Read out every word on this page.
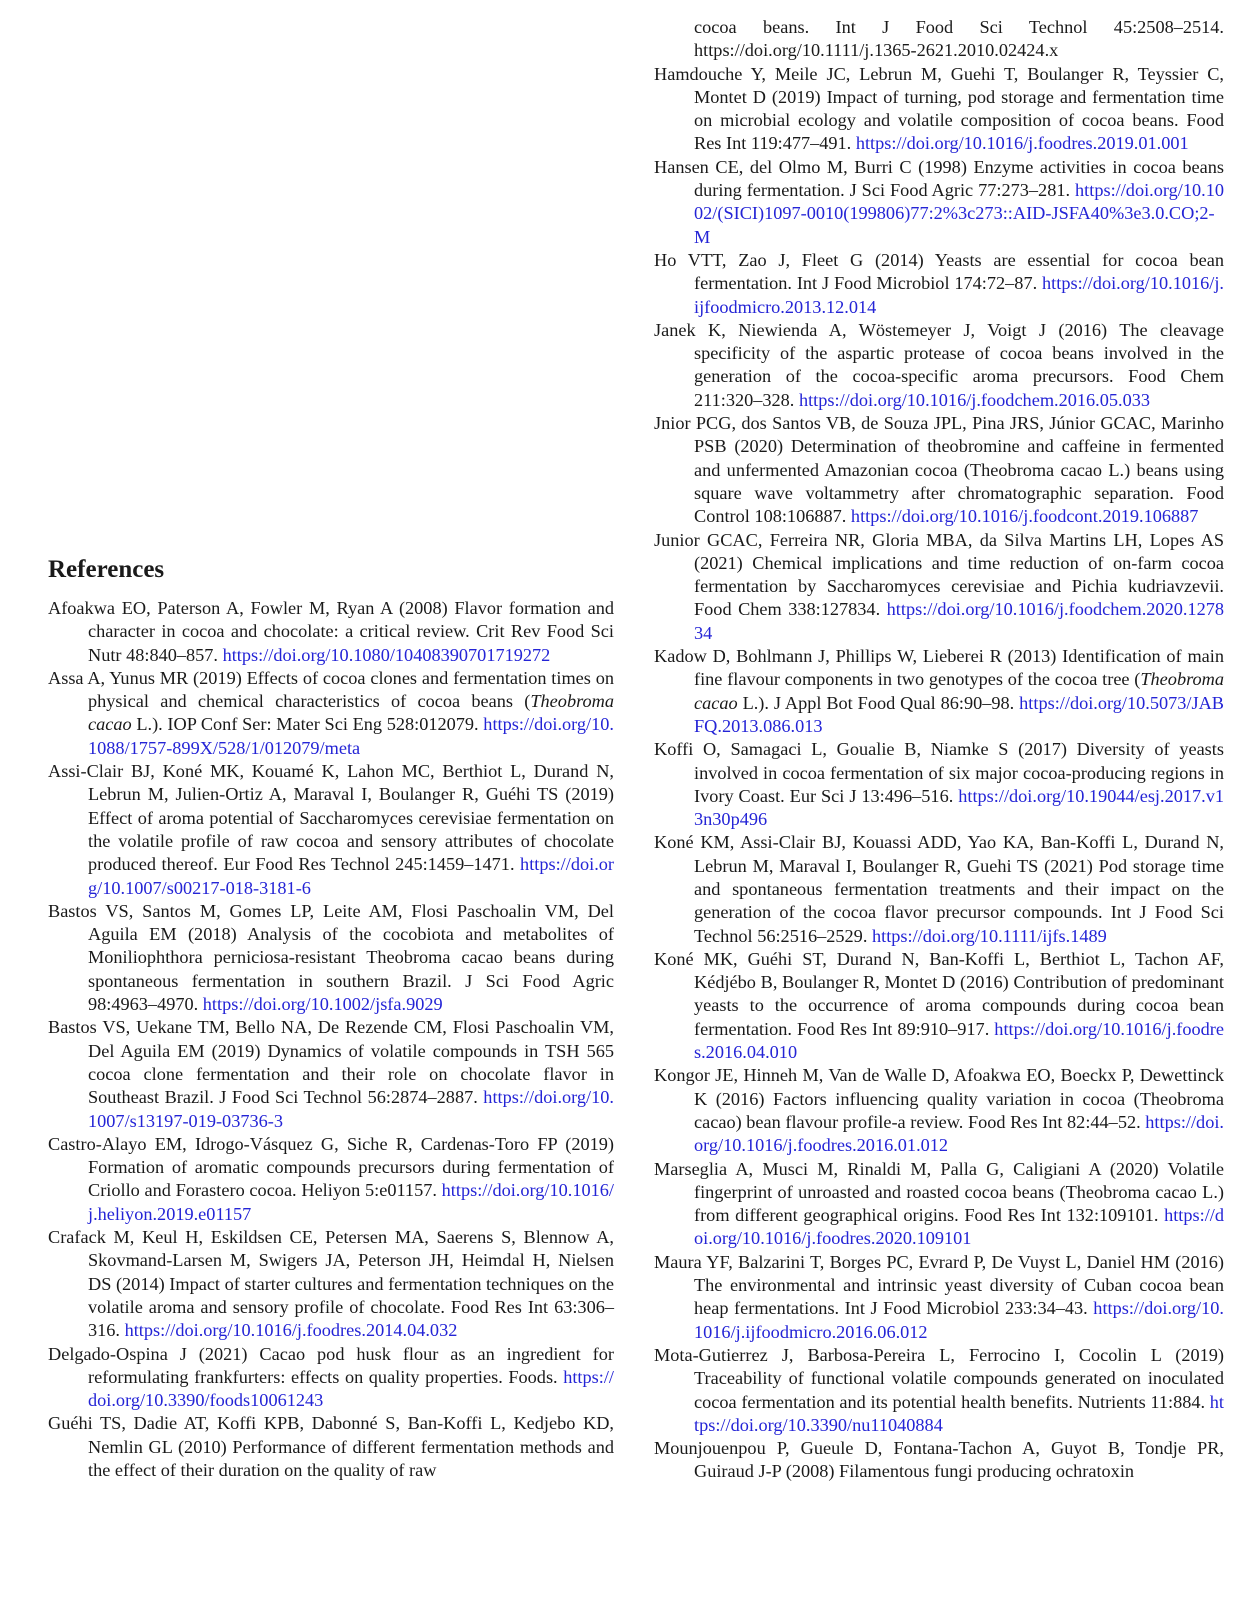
References

Afoakwa EO, Paterson A, Fowler M, Ryan A (2008) Flavor formation and character in cocoa and chocolate: a critical review. Crit Rev Food Sci Nutr 48:840–857. https://doi.org/10.1080/10408390701719272

Assa A, Yunus MR (2019) Effects of cocoa clones and fermentation times on physical and chemical characteristics of cocoa beans (Theobroma cacao L.). IOP Conf Ser: Mater Sci Eng 528:012079. https://doi.org/10.1088/1757-899X/528/1/012079/meta

Assi-Clair BJ, Koné MK, Kouamé K, Lahon MC, Berthiot L, Durand N, Lebrun M, Julien-Ortiz A, Maraval I, Boulanger R, Guéhi TS (2019) Effect of aroma potential of Saccharomyces cerevisiae fermentation on the volatile profile of raw cocoa and sensory attributes of chocolate produced thereof. Eur Food Res Technol 245:1459–1471. https://doi.org/10.1007/s00217-018-3181-6

Bastos VS, Santos M, Gomes LP, Leite AM, Flosi Paschoalin VM, Del Aguila EM (2018) Analysis of the cocobiota and metabolites of Moniliophthora perniciosa-resistant Theobroma cacao beans during spontaneous fermentation in southern Brazil. J Sci Food Agric 98:4963–4970. https://doi.org/10.1002/jsfa.9029

Bastos VS, Uekane TM, Bello NA, De Rezende CM, Flosi Paschoalin VM, Del Aguila EM (2019) Dynamics of volatile compounds in TSH 565 cocoa clone fermentation and their role on chocolate flavor in Southeast Brazil. J Food Sci Technol 56:2874–2887. https://doi.org/10.1007/s13197-019-03736-3

Castro-Alayo EM, Idrogo-Vásquez G, Siche R, Cardenas-Toro FP (2019) Formation of aromatic compounds precursors during fermentation of Criollo and Forastero cocoa. Heliyon 5:e01157. https://doi.org/10.1016/j.heliyon.2019.e01157

Crafack M, Keul H, Eskildsen CE, Petersen MA, Saerens S, Blennow A, Skovmand-Larsen M, Swigers JA, Peterson JH, Heimdal H, Nielsen DS (2014) Impact of starter cultures and fermentation techniques on the volatile aroma and sensory profile of chocolate. Food Res Int 63:306–316. https://doi.org/10.1016/j.foodres.2014.04.032

Delgado-Ospina J (2021) Cacao pod husk flour as an ingredient for reformulating frankfurters: effects on quality properties. Foods. https://doi.org/10.3390/foods10061243

Guéhi TS, Dadie AT, Koffi KPB, Dabonné S, Ban-Koffi L, Kedjebo KD, Nemlin GL (2010) Performance of different fermentation methods and the effect of their duration on the quality of raw

cocoa beans. Int J Food Sci Technol 45:2508–2514. https://doi.org/10.1111/j.1365-2621.2010.02424.x

Hamdouche Y, Meile JC, Lebrun M, Guehi T, Boulanger R, Teyssier C, Montet D (2019) Impact of turning, pod storage and fermentation time on microbial ecology and volatile composition of cocoa beans. Food Res Int 119:477–491. https://doi.org/10.1016/j.foodres.2019.01.001

Hansen CE, del Olmo M, Burri C (1998) Enzyme activities in cocoa beans during fermentation. J Sci Food Agric 77:273–281. https://doi.org/10.1002/(SICI)1097-0010(199806)77:2%3c273::AID-JSFA40%3e3.0.CO;2-M

Ho VTT, Zao J, Fleet G (2014) Yeasts are essential for cocoa bean fermentation. Int J Food Microbiol 174:72–87. https://doi.org/10.1016/j.ijfoodmicro.2013.12.014

Janek K, Niewienda A, Wöstemeyer J, Voigt J (2016) The cleavage specificity of the aspartic protease of cocoa beans involved in the generation of the cocoa-specific aroma precursors. Food Chem 211:320–328. https://doi.org/10.1016/j.foodchem.2016.05.033

Jnior PCG, dos Santos VB, de Souza JPL, Pina JRS, Júnior GCAC, Marinho PSB (2020) Determination of theobromine and caffeine in fermented and unfermented Amazonian cocoa (Theobroma cacao L.) beans using square wave voltammetry after chromatographic separation. Food Control 108:106887. https://doi.org/10.1016/j.foodcont.2019.106887

Junior GCAC, Ferreira NR, Gloria MBA, da Silva Martins LH, Lopes AS (2021) Chemical implications and time reduction of on-farm cocoa fermentation by Saccharomyces cerevisiae and Pichia kudriavzevii. Food Chem 338:127834. https://doi.org/10.1016/j.foodchem.2020.127834

Kadow D, Bohlmann J, Phillips W, Lieberei R (2013) Identification of main fine flavour components in two genotypes of the cocoa tree (Theobroma cacao L.). J Appl Bot Food Qual 86:90–98. https://doi.org/10.5073/JABFQ.2013.086.013

Koffi O, Samagaci L, Goualie B, Niamke S (2017) Diversity of yeasts involved in cocoa fermentation of six major cocoa-producing regions in Ivory Coast. Eur Sci J 13:496–516. https://doi.org/10.19044/esj.2017.v13n30p496

Koné KM, Assi-Clair BJ, Kouassi ADD, Yao KA, Ban-Koffi L, Durand N, Lebrun M, Maraval I, Boulanger R, Guehi TS (2021) Pod storage time and spontaneous fermentation treatments and their impact on the generation of the cocoa flavor precursor compounds. Int J Food Sci Technol 56:2516–2529. https://doi.org/10.1111/ijfs.1489

Koné MK, Guéhi ST, Durand N, Ban-Koffi L, Berthiot L, Tachon AF, Kédjébo B, Boulanger R, Montet D (2016) Contribution of predominant yeasts to the occurrence of aroma compounds during cocoa bean fermentation. Food Res Int 89:910–917. https://doi.org/10.1016/j.foodres.2016.04.010

Kongor JE, Hinneh M, Van de Walle D, Afoakwa EO, Boeckx P, Dewettinck K (2016) Factors influencing quality variation in cocoa (Theobroma cacao) bean flavour profile-a review. Food Res Int 82:44–52. https://doi.org/10.1016/j.foodres.2016.01.012

Marseglia A, Musci M, Rinaldi M, Palla G, Caligiani A (2020) Volatile fingerprint of unroasted and roasted cocoa beans (Theobroma cacao L.) from different geographical origins. Food Res Int 132:109101. https://doi.org/10.1016/j.foodres.2020.109101

Maura YF, Balzarini T, Borges PC, Evrard P, De Vuyst L, Daniel HM (2016) The environmental and intrinsic yeast diversity of Cuban cocoa bean heap fermentations. Int J Food Microbiol 233:34–43. https://doi.org/10.1016/j.ijfoodmicro.2016.06.012

Mota-Gutierrez J, Barbosa-Pereira L, Ferrocino I, Cocolin L (2019) Traceability of functional volatile compounds generated on inoculated cocoa fermentation and its potential health benefits. Nutrients 11:884. https://doi.org/10.3390/nu11040884

Mounjouenpou P, Gueule D, Fontana-Tachon A, Guyot B, Tondje PR, Guiraud J-P (2008) Filamentous fungi producing ochratoxin
